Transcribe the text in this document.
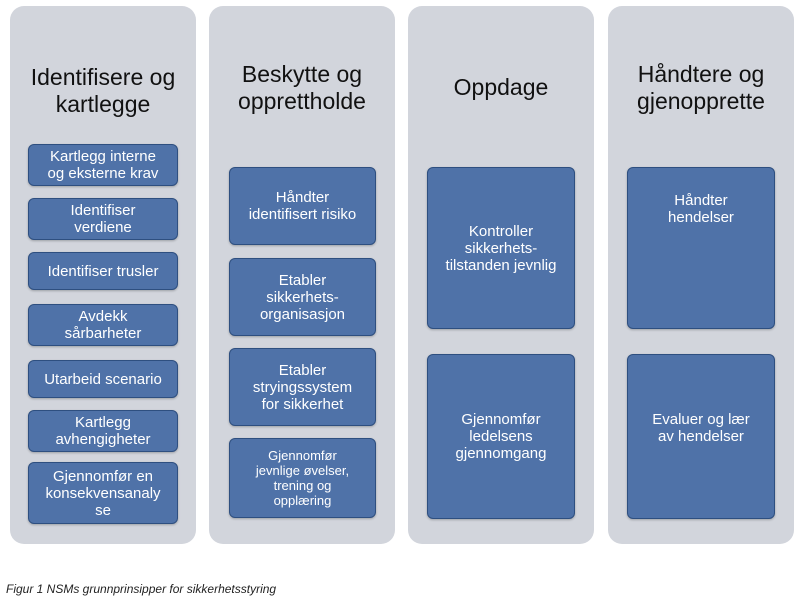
Identifisere og
kartlegge
Kartlegg interne
og eksterne krav
Identifiser
verdiene
Identifiser trusler
Avdekk
sårbarheter
Utarbeid scenario
Kartlegg
avhengigheter
Gjennomfør en
konsekvensanaly
se
Beskytte og
opprettholde
Håndter
identifisert risiko
Etabler
sikkerhets-
organisasjon
Etabler
stryingssystem
for sikkerhet
Gjennomfør
jevnlige øvelser,
trening og
opplæring
Oppdage
Kontroller
sikkerhets-
tilstanden jevnlig
Gjennomfør
ledelsens
gjennomgang
Håndtere og
gjenopprette
Håndter
hendelser
Evaluer og lær
av hendelser
Figur 1 NSMs grunnprinsipper for sikkerhetsstyring
